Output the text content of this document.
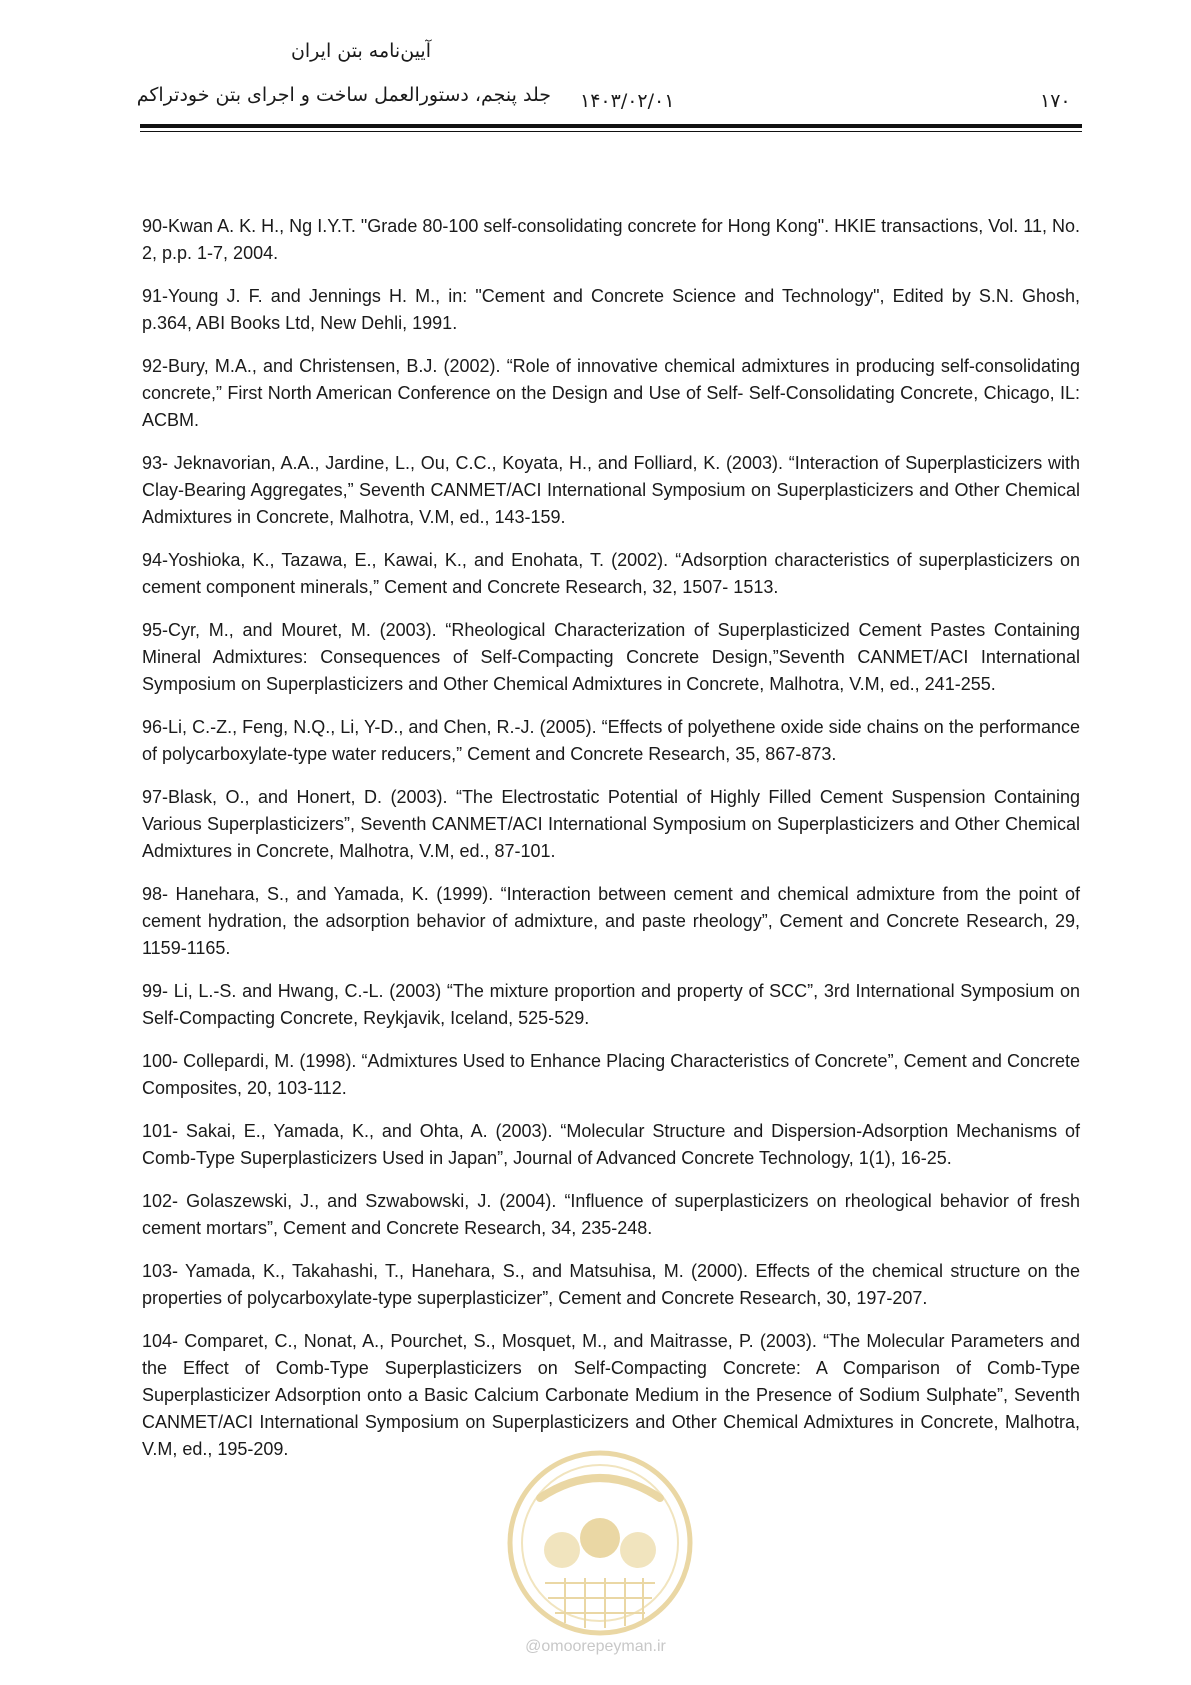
آیین‌نامه بتن ایران
جلد پنجم، دستورالعمل ساخت و اجرای بتن خودتراکم ۱۴۰۳/۰۲/۰۱	۱۷۰

90-Kwan A. K. H., Ng I.Y.T. "Grade 80-100 self-consolidating concrete for Hong Kong". HKIE transactions, Vol. 11, No. 2, p.p. 1-7, 2004.

91-Young J. F. and Jennings H. M., in: "Cement and Concrete Science and Technology", Edited by S.N. Ghosh, p.364, ABI Books Ltd, New Dehli, 1991.

92-Bury, M.A., and Christensen, B.J. (2002). “Role of innovative chemical admixtures in producing self-consolidating concrete,” First North American Conference on the Design and Use of Self- Self-Consolidating Concrete, Chicago, IL: ACBM.

93- Jeknavorian, A.A., Jardine, L., Ou, C.C., Koyata, H., and Folliard, K. (2003). “Interaction of Superplasticizers with Clay-Bearing Aggregates,” Seventh CANMET/ACI International Symposium on Superplasticizers and Other Chemical Admixtures in Concrete, Malhotra, V.M, ed., 143-159.

94-Yoshioka, K., Tazawa, E., Kawai, K., and Enohata, T. (2002). “Adsorption characteristics of superplasticizers on cement component minerals,” Cement and Concrete Research, 32, 1507- 1513.

95-Cyr, M., and Mouret, M. (2003). “Rheological Characterization of Superplasticized Cement Pastes Containing Mineral Admixtures: Consequences of Self-Compacting Concrete Design,”Seventh CANMET/ACI International Symposium on Superplasticizers and Other Chemical Admixtures in Concrete, Malhotra, V.M, ed., 241-255.

96-Li, C.-Z., Feng, N.Q., Li, Y-D., and Chen, R.-J. (2005). “Effects of polyethene oxide side chains on the performance of polycarboxylate-type water reducers,” Cement and Concrete Research, 35, 867-873.

97-Blask, O., and Honert, D. (2003). “The Electrostatic Potential of Highly Filled Cement Suspension Containing Various Superplasticizers”, Seventh CANMET/ACI International Symposium on Superplasticizers and Other Chemical Admixtures in Concrete, Malhotra, V.M, ed., 87-101.

98- Hanehara, S., and Yamada, K. (1999). “Interaction between cement and chemical admixture from the point of cement hydration, the adsorption behavior of admixture, and paste rheology”, Cement and Concrete Research, 29, 1159-1165.

99- Li, L.-S. and Hwang, C.-L. (2003) “The mixture proportion and property of SCC”, 3rd International Symposium on Self-Compacting Concrete, Reykjavik, Iceland, 525-529.

100- Collepardi, M. (1998). “Admixtures Used to Enhance Placing Characteristics of Concrete”, Cement and Concrete Composites, 20, 103-112.

101- Sakai, E., Yamada, K., and Ohta, A. (2003). “Molecular Structure and Dispersion-Adsorption Mechanisms of Comb-Type Superplasticizers Used in Japan”, Journal of Advanced Concrete Technology, 1(1), 16-25.

102- Golaszewski, J., and Szwabowski, J. (2004). “Influence of superplasticizers on rheological behavior of fresh cement mortars”, Cement and Concrete Research, 34, 235-248.

103- Yamada, K., Takahashi, T., Hanehara, S., and Matsuhisa, M. (2000). Effects of the chemical structure on the properties of polycarboxylate-type superplasticizer”, Cement and Concrete Research, 30, 197-207.

104- Comparet, C., Nonat, A., Pourchet, S., Mosquet, M., and Maitrasse, P. (2003). “The Molecular Parameters and the Effect of Comb-Type Superplasticizers on Self-Compacting Concrete: A Comparison of Comb-Type Superplasticizer Adsorption onto a Basic Calcium Carbonate Medium in the Presence of Sodium Sulphate”, Seventh CANMET/ACI International Symposium on Superplasticizers and Other Chemical Admixtures in Concrete, Malhotra, V.M, ed., 195-209.

@omoorepeyman.ir
